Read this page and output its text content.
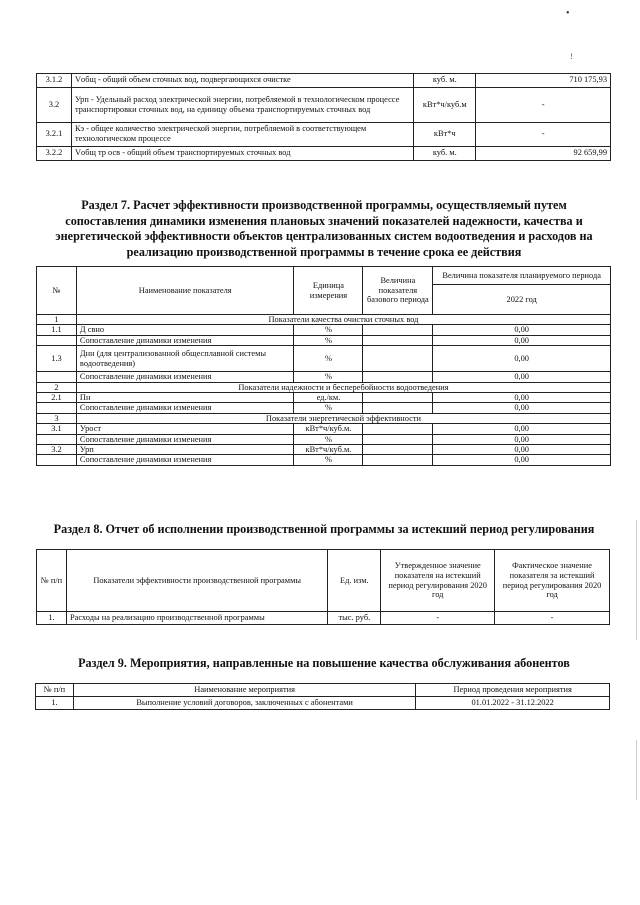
•
!
3.1.2	Vобщ - общий объем сточных вод, подвергающихся очистке	куб. м.	710 175,93
3.2	Урп - Удельный расход электрической энергии, потребляемой в технологическом процессе транспортировки сточных вод, на единицу объема транспортируемых сточных вод	кВт*ч/куб.м	-
3.2.1	Кэ - общее количество электрической энергии, потребляемой в соответствующем технологическом процессе	кВт*ч	-
3.2.2	Vобщ тр осв - общий объем транспортируемых сточных вод	куб. м.	92 659,99
Раздел 7. Расчет эффективности производственной программы, осуществляемый путем сопоставления динамики изменения плановых значений показателей надежности, качества и энергетической эффективности объектов централизованных систем водоотведения и расходов на реализацию производственной программы в течение срока ее действия
№	Наименование показателя	Единица измерения	Величина показателя базового периода	Величина показателя планируемого периода
				2022 год
1	Показатели качества очистки сточных вод			
1.1	Д свно	%		0,00
	Сопоставление динамики изменения	%		0,00
1.3	Днн (для централизованной общесплавной системы водоотведения)	%		0,00
	Сопоставление динамики изменения	%		0,00
2	Показатели надежности и бесперебойности водоотведения			
2.1	Пн	ед./км.		0,00
	Сопоставление динамики изменения	%		0,00
3	Показатели энергетической эффективности			
3.1	Урост	кВт*ч/куб.м.		0,00
	Сопоставление динамики изменения	%		0,00
3.2	Урп	кВт*ч/куб.м.		0,00
	Сопоставление динамики изменения	%		0,00
Раздел 8. Отчет об исполнении производственной программы за истекший период регулирования
№ п/п	Показатели эффективности производственной программы	Ед. изм.	Утвержденное значение показателя на истекший период регулирования 2020 год	Фактическое значение показателя за истекший период регулирования 2020 год
1.	Расходы на реализацию производственной программы	тыс. руб.	-	-
Раздел 9. Мероприятия, направленные на повышение качества обслуживания абонентов
№ п/п	Наименование мероприятия	Период проведения мероприятия
1.	Выполнение условий договоров, заключенных с абонентами	01.01.2022 - 31.12.2022
